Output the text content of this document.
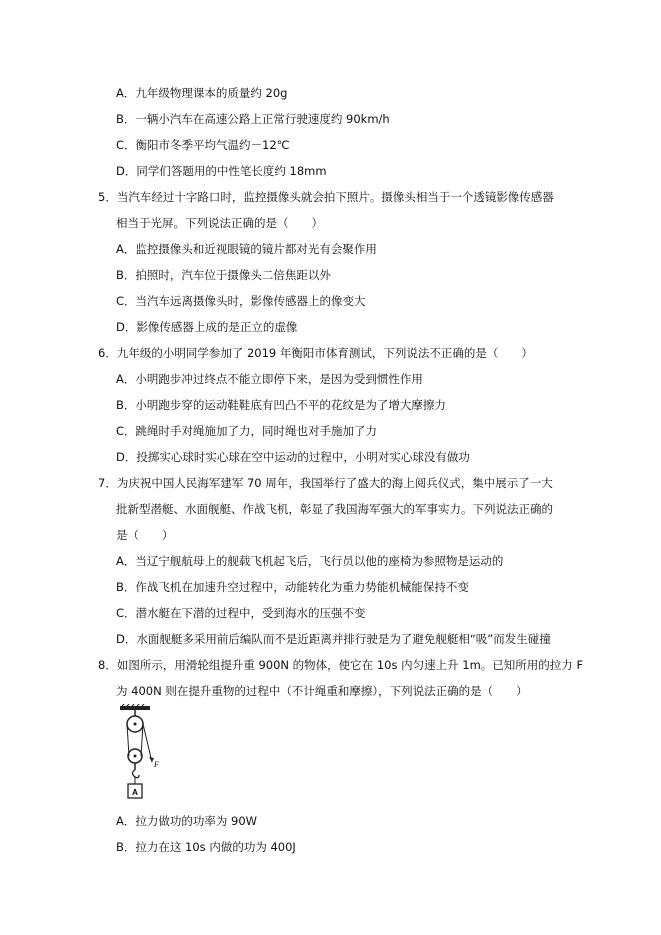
A．九年级物理课本的质量约 20g
B．一辆小汽车在高速公路上正常行驶速度约 90km/h
C．衡阳市冬季平均气温约－12℃
D．同学们答题用的中性笔长度约 18mm
5．当汽车经过十字路口时，监控摄像头就会拍下照片。摄像头相当于一个透镜影像传感器
相当于光屏。下列说法正确的是（　　）
A．监控摄像头和近视眼镜的镜片都对光有会聚作用
B．拍照时，汽车位于摄像头二倍焦距以外
C．当汽车远离摄像头时，影像传感器上的像变大
D．影像传感器上成的是正立的虚像
6．九年级的小明同学参加了 2019 年衡阳市体育测试，下列说法不正确的是（　　）
A．小明跑步冲过终点不能立即停下来，是因为受到惯性作用
B．小明跑步穿的运动鞋鞋底有凹凸不平的花纹是为了增大摩擦力
C．跳绳时手对绳施加了力，同时绳也对手施加了力
D．投掷实心球时实心球在空中运动的过程中，小明对实心球没有做功
7．为庆祝中国人民海军建军 70 周年，我国举行了盛大的海上阅兵仪式，集中展示了一大
批新型潜艇、水面舰艇、作战飞机，彰显了我国海军强大的军事实力。下列说法正确的
是（　　）
A．当辽宁舰航母上的舰载飞机起飞后，飞行员以他的座椅为参照物是运动的
B．作战飞机在加速升空过程中，动能转化为重力势能机械能保持不变
C．潜水艇在下潜的过程中，受到海水的压强不变
D．水面舰艇多采用前后编队而不是近距离并排行驶是为了避免舰艇相“吸”而发生碰撞
8．如图所示，用滑轮组提升重 900N 的物体，使它在 10s 内匀速上升 1m。已知所用的拉力 F
为 400N 则在提升重物的过程中（不计绳重和摩擦），下列说法正确的是（　　）
A
F
A．拉力做功的功率为 90W
B．拉力在这 10s 内做的功为 400J
